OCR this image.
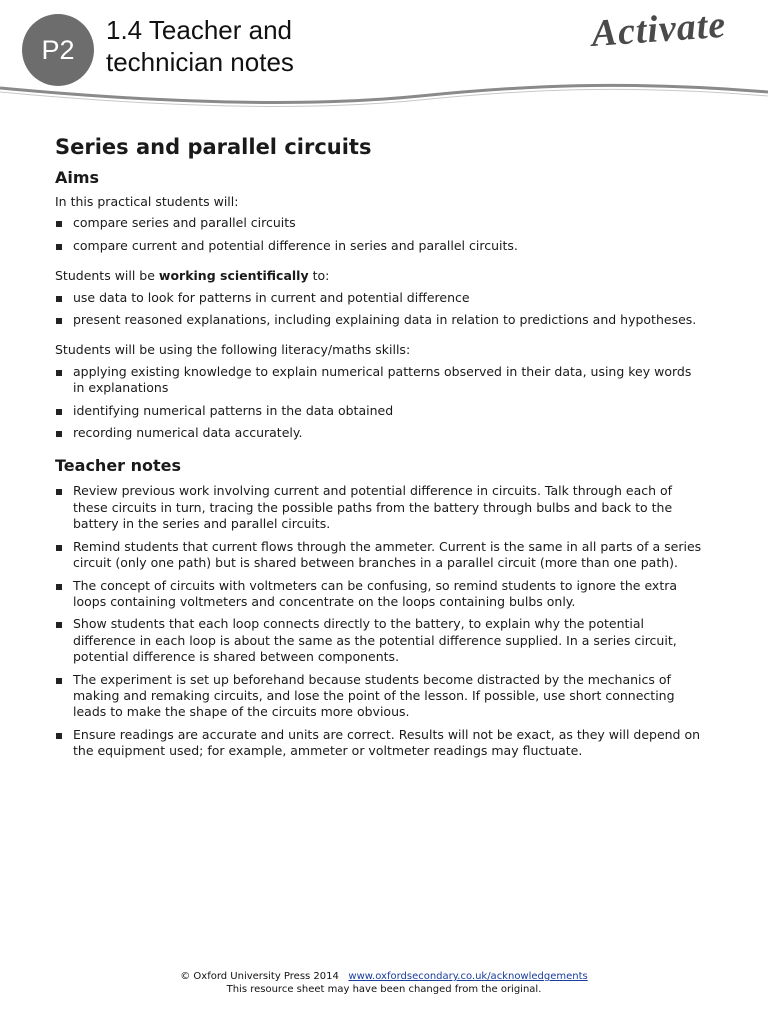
P2
1.4 Teacher and
technician notes
Activate
Series and parallel circuits
Aims

In this practical students will:

compare series and parallel circuits
compare current and potential difference in series and parallel circuits.

Students will be working scientifically to:

use data to look for patterns in current and potential difference
present reasoned explanations, including explaining data in relation to predictions and hypotheses.

Students will be using the following literacy/maths skills:

applying existing knowledge to explain numerical patterns observed in their data, using key words in explanations
identifying numerical patterns in the data obtained
recording numerical data accurately.
Teacher notes
Review previous work involving current and potential difference in circuits. Talk through each of these circuits in turn, tracing the possible paths from the battery through bulbs and back to the battery in the series and parallel circuits.
Remind students that current flows through the ammeter. Current is the same in all parts of a series circuit (only one path) but is shared between branches in a parallel circuit (more than one path).
The concept of circuits with voltmeters can be confusing, so remind students to ignore the extra loops containing voltmeters and concentrate on the loops containing bulbs only.
Show students that each loop connects directly to the battery, to explain why the potential difference in each loop is about the same as the potential difference supplied. In a series circuit, potential difference is shared between components.
The experiment is set up beforehand because students become distracted by the mechanics of making and remaking circuits, and lose the point of the lesson. If possible, use short connecting leads to make the shape of the circuits more obvious.
Ensure readings are accurate and units are correct. Results will not be exact, as they will depend on the equipment used; for example, ammeter or voltmeter readings may fluctuate.
© Oxford University Press 2014 www.oxfordsecondary.co.uk/acknowledgements
This resource sheet may have been changed from the original.
